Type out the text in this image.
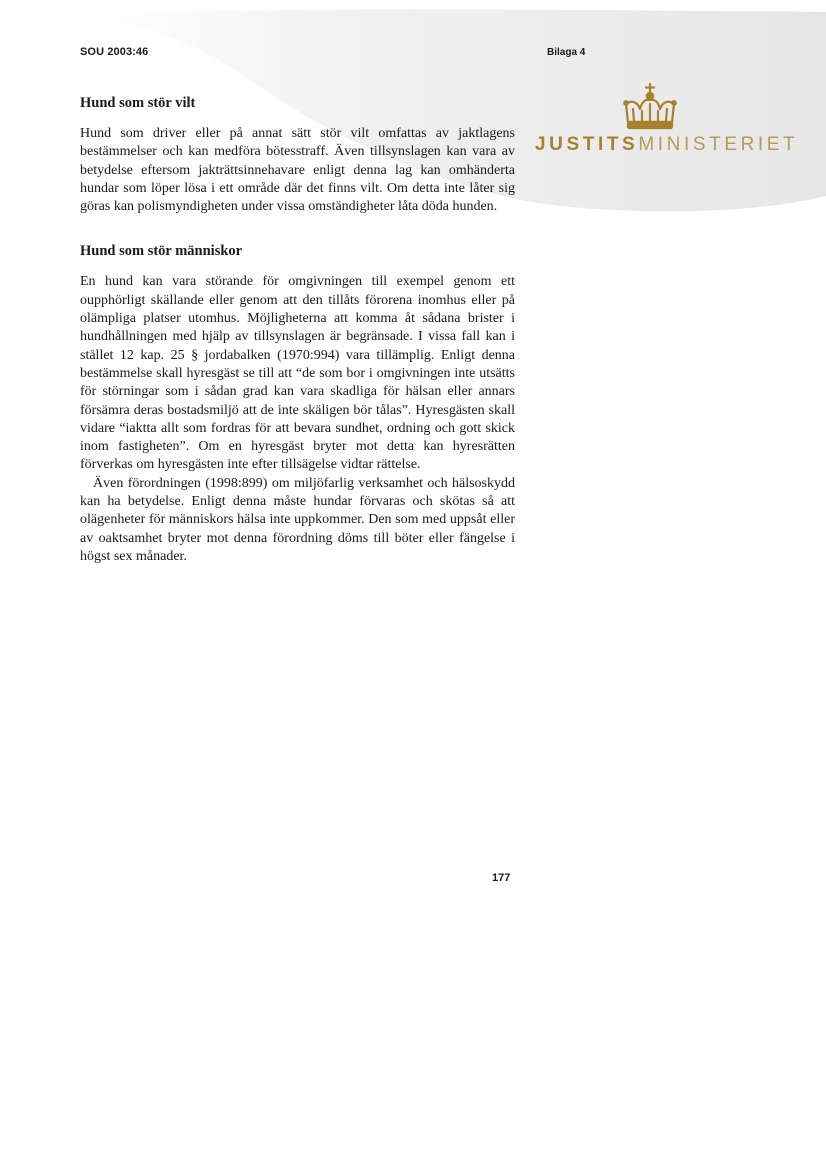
SOU 2003:46	Bilaga 4
JUSTITSMINISTERIET
Hund som stör vilt

Hund som driver eller på annat sätt stör vilt omfattas av jaktlagens bestämmelser och kan medföra bötesstraff. Även tillsynslagen kan vara av betydelse eftersom jakträttsinnehavare enligt denna lag kan omhänderta hundar som löper lösa i ett område där det finns vilt. Om detta inte låter sig göras kan polismyndigheten under vissa omständigheter låta döda hunden.

Hund som stör människor

En hund kan vara störande för omgivningen till exempel genom ett oupphörligt skällande eller genom att den tillåts förorena inomhus eller på olämpliga platser utomhus. Möjligheterna att komma åt sådana brister i hundhållningen med hjälp av tillsynslagen är begränsade. I vissa fall kan i stället 12 kap. 25 § jordabalken (1970:994) vara tillämplig. Enligt denna bestämmelse skall hyresgäst se till att “de som bor i omgivningen inte utsätts för störningar som i sådan grad kan vara skadliga för hälsan eller annars försämra deras bostadsmiljö att de inte skäligen bör tålas”. Hyresgästen skall vidare “iaktta allt som fordras för att bevara sundhet, ordning och gott skick inom fastigheten”. Om en hyresgäst bryter mot detta kan hyresrätten förverkas om hyresgästen inte efter tillsägelse vidtar rättelse.

Även förordningen (1998:899) om miljöfarlig verksamhet och hälsoskydd kan ha betydelse. Enligt denna måste hundar förvaras och skötas så att olägenheter för människors hälsa inte uppkommer. Den som med uppsåt eller av oaktsamhet bryter mot denna förordning döms till böter eller fängelse i högst sex månader.

177
